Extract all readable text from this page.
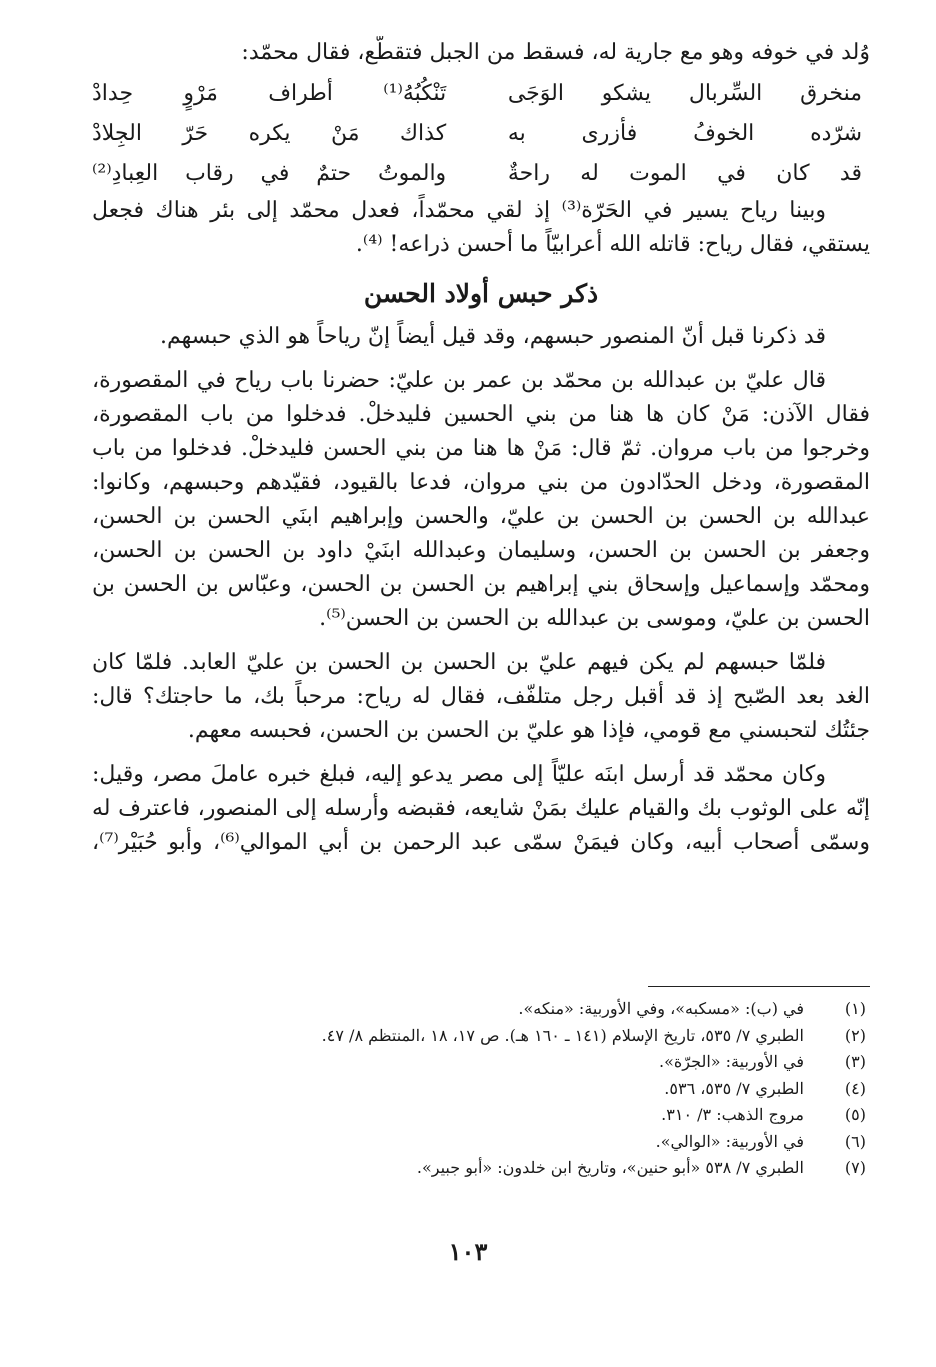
وُلد في خوفه وهو مع جارية له، فسقط من الجبل فتقطّع، فقال محمّد:
منخرق السِّربال يشكو الوَجَى
تَنْكُبُهُ⁽¹⁾ أطراف مَرْوٍ حِدادْ
شرّده الخوفُ فأزرى به
كذاك مَنْ يكره حَرّ الجِلادْ
قد كان في الموت له راحةٌ
والموتُ حتمٌ في رقاب العِبادِ⁽²⁾
وبينا رياح يسير في الحَرّة⁽³⁾ إذ لقي محمّداً، فعدل محمّد إلى بئر هناك فجعل
يستقي، فقال رياح: قاتله الله أعرابيّاً ما أحسن ذراعه! ⁽⁴⁾.
ذكر حبس أولاد الحسن
قد ذكرنا قبل أنّ المنصور حبسهم، وقد قيل أيضاً إنّ رياحاً هو الذي حبسهم.
قال عليّ بن عبدالله بن محمّد بن عمر بن عليّ: حضرنا باب رياح في المقصورة،
فقال الآذن: مَنْ كان ها هنا من بني الحسين فليدخلْ. فدخلوا من باب المقصورة،
وخرجوا من باب مروان. ثمّ قال: مَنْ ها هنا من بني الحسن فليدخلْ. فدخلوا من باب
المقصورة، ودخل الحدّادون من بني مروان، فدعا بالقيود، فقيّدهم وحبسهم، وكانوا:
عبدالله بن الحسن بن الحسن بن عليّ، والحسن وإبراهيم ابنَي الحسن بن الحسن،
وجعفر بن الحسن بن الحسن، وسليمان وعبدالله ابنَيْ داود بن الحسن بن الحسن،
ومحمّد وإسماعيل وإسحاق بني إبراهيم بن الحسن بن الحسن، وعبّاس بن الحسن بن
الحسن بن عليّ، وموسى بن عبدالله بن الحسن بن الحسن⁽⁵⁾.
فلمّا حبسهم لم يكن فيهم عليّ بن الحسن بن الحسن بن عليّ العابد. فلمّا كان
الغد بعد الصّبح إذ قد أقبل رجل متلفّف، فقال له رياح: مرحباً بك، ما حاجتك؟ قال:
جئتُك لتحبسني مع قومي، فإذا هو عليّ بن الحسن بن الحسن، فحبسه معهم.
وكان محمّد قد أرسل ابنَه عليّاً إلى مصر يدعو إليه، فبلغ خبره عاملَ مصر، وقيل:
إنّه على الوثوب بك والقيام عليك بمَنْ شايعه، فقبضه وأرسله إلى المنصور، فاعترف له
وسمّى أصحاب أبيه، وكان فيمَنْ سمّى عبد الرحمن بن أبي الموالي⁽⁶⁾، وأبو حُبَيْر⁽⁷⁾،
(١)
في (ب): «مسكبه»، وفي الأوربية: «منكه».
(٢)
الطبري ٧/ ٥٣٥، تاريخ الإسلام (١٤١ ـ ١٦٠ هـ). ص ١٧، ١٨ ،المنتظم ٨/ ٤٧.
(٣)
في الأوربية: «الجرّة».
(٤)
الطبري ٧/ ٥٣٥، ٥٣٦.
(٥)
مروج الذهب: ٣/ ٣١٠.
(٦)
في الأوربية: «الوالي».
(٧)
الطبري ٧/ ٥٣٨ «أبو حنين»، وتاريخ ابن خلدون: «أبو جبير».
١٠٣
